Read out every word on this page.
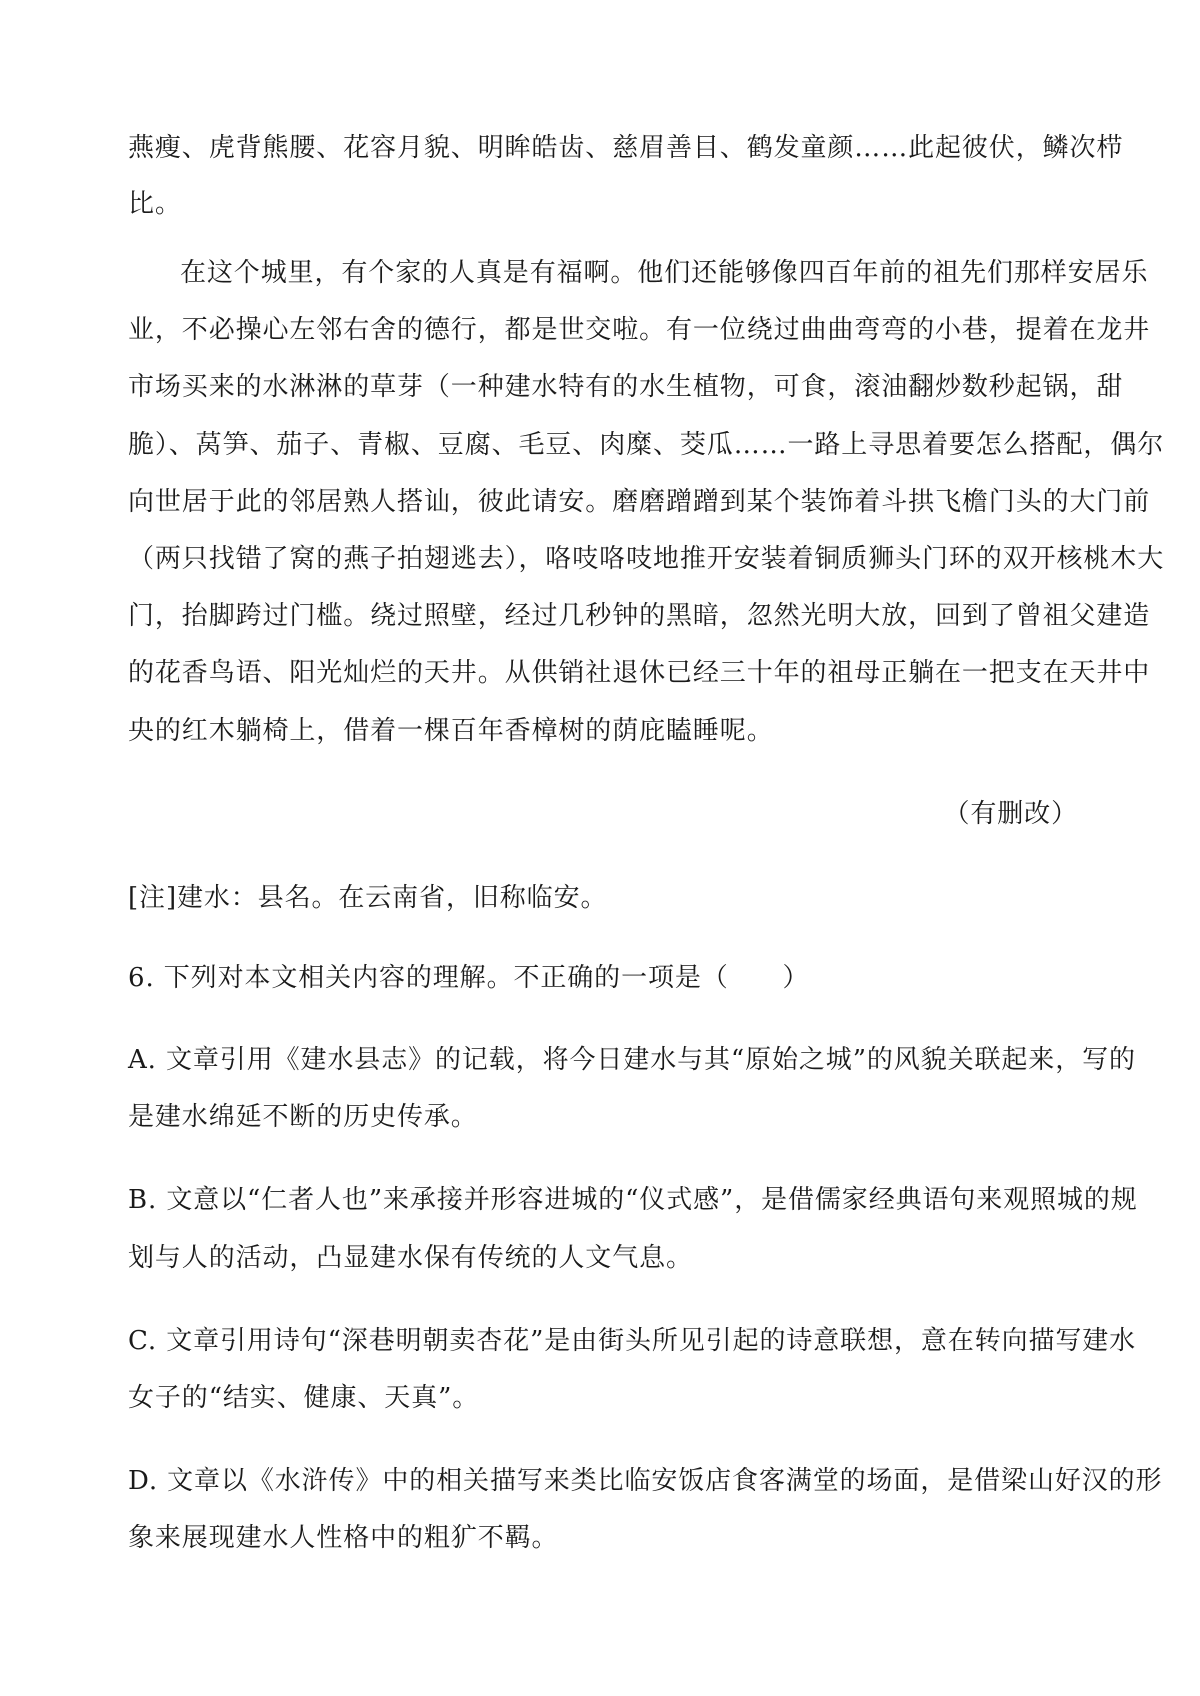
燕瘦、虎背熊腰、花容月貌、明眸皓齿、慈眉善目、鹤发童颜……此起彼伏，鳞次栉
比。
在这个城里，有个家的人真是有福啊。他们还能够像四百年前的祖先们那样安居乐
业，不必操心左邻右舍的德行，都是世交啦。有一位绕过曲曲弯弯的小巷，提着在龙井
市场买来的水淋淋的草芽（一种建水特有的水生植物，可食，滚油翻炒数秒起锅，甜
脆）、莴笋、茄子、青椒、豆腐、毛豆、肉糜、茭瓜……一路上寻思着要怎么搭配，偶尔
向世居于此的邻居熟人搭讪，彼此请安。磨磨蹭蹭到某个装饰着斗拱飞檐门头的大门前
（两只找错了窝的燕子拍翅逃去），咯吱咯吱地推开安装着铜质狮头门环的双开核桃木大
门，抬脚跨过门槛。绕过照壁，经过几秒钟的黑暗，忽然光明大放，回到了曾祖父建造
的花香鸟语、阳光灿烂的天井。从供销社退休已经三十年的祖母正躺在一把支在天井中
央的红木躺椅上，借着一棵百年香樟树的荫庇瞌睡呢。
（有删改）
[注]建水：县名。在云南省，旧称临安。
6. 下列对本文相关内容的理解。不正确的一项是（　　）
A. 文章引用《建水县志》的记载，将今日建水与其“原始之城”的风貌关联起来，写的
是建水绵延不断的历史传承。
B. 文意以“仁者人也”来承接并形容进城的“仪式感”，是借儒家经典语句来观照城的规
划与人的活动，凸显建水保有传统的人文气息。
C. 文章引用诗句“深巷明朝卖杏花”是由街头所见引起的诗意联想，意在转向描写建水
女子的“结实、健康、天真”。
D. 文章以《水浒传》中的相关描写来类比临安饭店食客满堂的场面，是借梁山好汉的形
象来展现建水人性格中的粗犷不羁。
